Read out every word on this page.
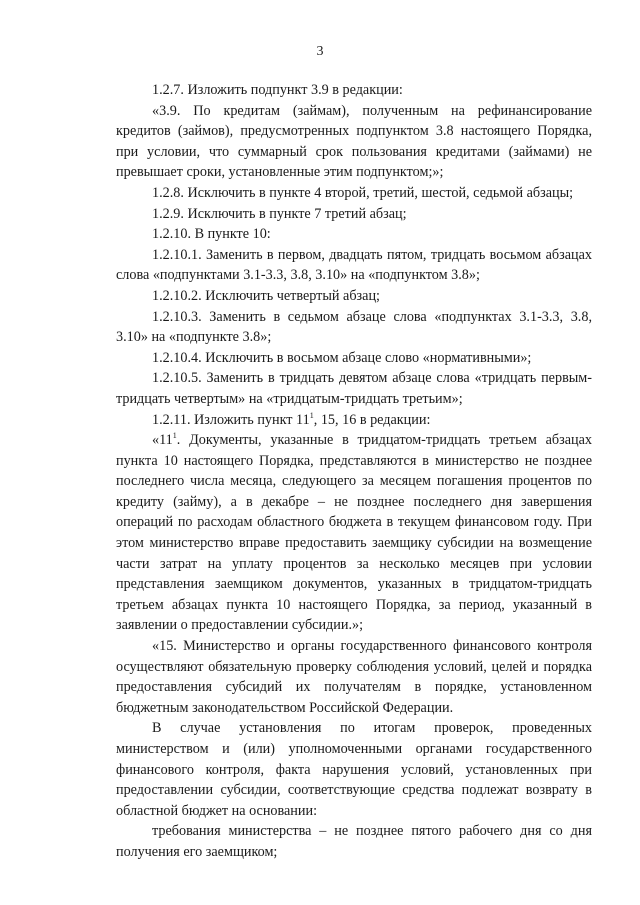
3

1.2.7. Изложить подпункт 3.9 в редакции:

«3.9. По кредитам (займам), полученным на рефинансирование кредитов (займов), предусмотренных подпунктом 3.8 настоящего Порядка, при условии, что суммарный срок пользования кредитами (займами) не превышает сроки, установленные этим подпунктом;»;

1.2.8. Исключить в пункте 4 второй, третий, шестой, седьмой абзацы;

1.2.9. Исключить в пункте 7 третий абзац;

1.2.10. В пункте 10:

1.2.10.1. Заменить в первом, двадцать пятом, тридцать восьмом абзацах слова «подпунктами 3.1-3.3, 3.8, 3.10» на «подпунктом 3.8»;

1.2.10.2. Исключить четвертый абзац;

1.2.10.3. Заменить в седьмом абзаце слова «подпунктах 3.1-3.3, 3.8, 3.10» на «подпункте 3.8»;

1.2.10.4. Исключить в восьмом абзаце слово «нормативными»;

1.2.10.5. Заменить в тридцать девятом абзаце слова «тридцать первым-тридцать четвертым» на «тридцатым-тридцать третьим»;

1.2.11. Изложить пункт $11^1$, 15, 16 в редакции:

«$11^1$. Документы, указанные в тридцатом-тридцать третьем абзацах пункта 10 настоящего Порядка, представляются в министерство не позднее последнего числа месяца, следующего за месяцем погашения процентов по кредиту (займу), а в декабре – не позднее последнего дня завершения операций по расходам областного бюджета в текущем финансовом году. При этом министерство вправе предоставить заемщику субсидии на возмещение части затрат на уплату процентов за несколько месяцев при условии представления заемщиком документов, указанных в тридцатом-тридцать третьем абзацах пункта 10 настоящего Порядка, за период, указанный в заявлении о предоставлении субсидии.»;

«15. Министерство и органы государственного финансового контроля осуществляют обязательную проверку соблюдения условий, целей и порядка предоставления субсидий их получателям в порядке, установленном бюджетным законодательством Российской Федерации.

В случае установления по итогам проверок, проведенных министерством и (или) уполномоченными органами государственного финансового контроля, факта нарушения условий, установленных при предоставлении субсидии, соответствующие средства подлежат возврату в областной бюджет на основании:

требования министерства – не позднее пятого рабочего дня со дня получения его заемщиком;
